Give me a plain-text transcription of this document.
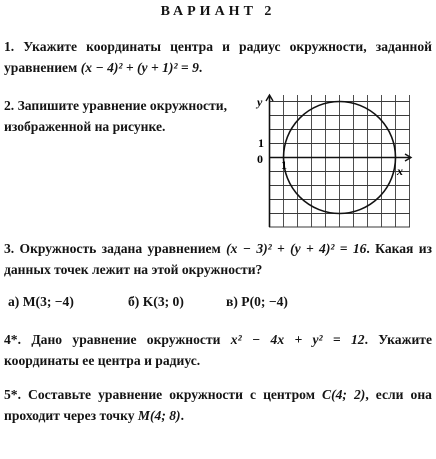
ВАРИАНТ 2
1. Укажите координаты центра и радиус окружности, заданной уравнением (x − 4)² + (y + 1)² = 9.
2. Запишите уравнение окружности, изображенной на рисунке.
y
x
0 1
1
3. Окружность задана уравнением (x − 3)² + (y + 4)² = 16. Какая из данных точек лежит на этой окружности?
а) M(3; −4)	б) K(3; 0)	в) P(0; −4)
4*. Дано уравнение окружности x² − 4x + y² = 12. Укажите координаты ее центра и радиус.
5*. Составьте уравнение окружности с центром C(4; 2), если она проходит через точку M(4; 8).
